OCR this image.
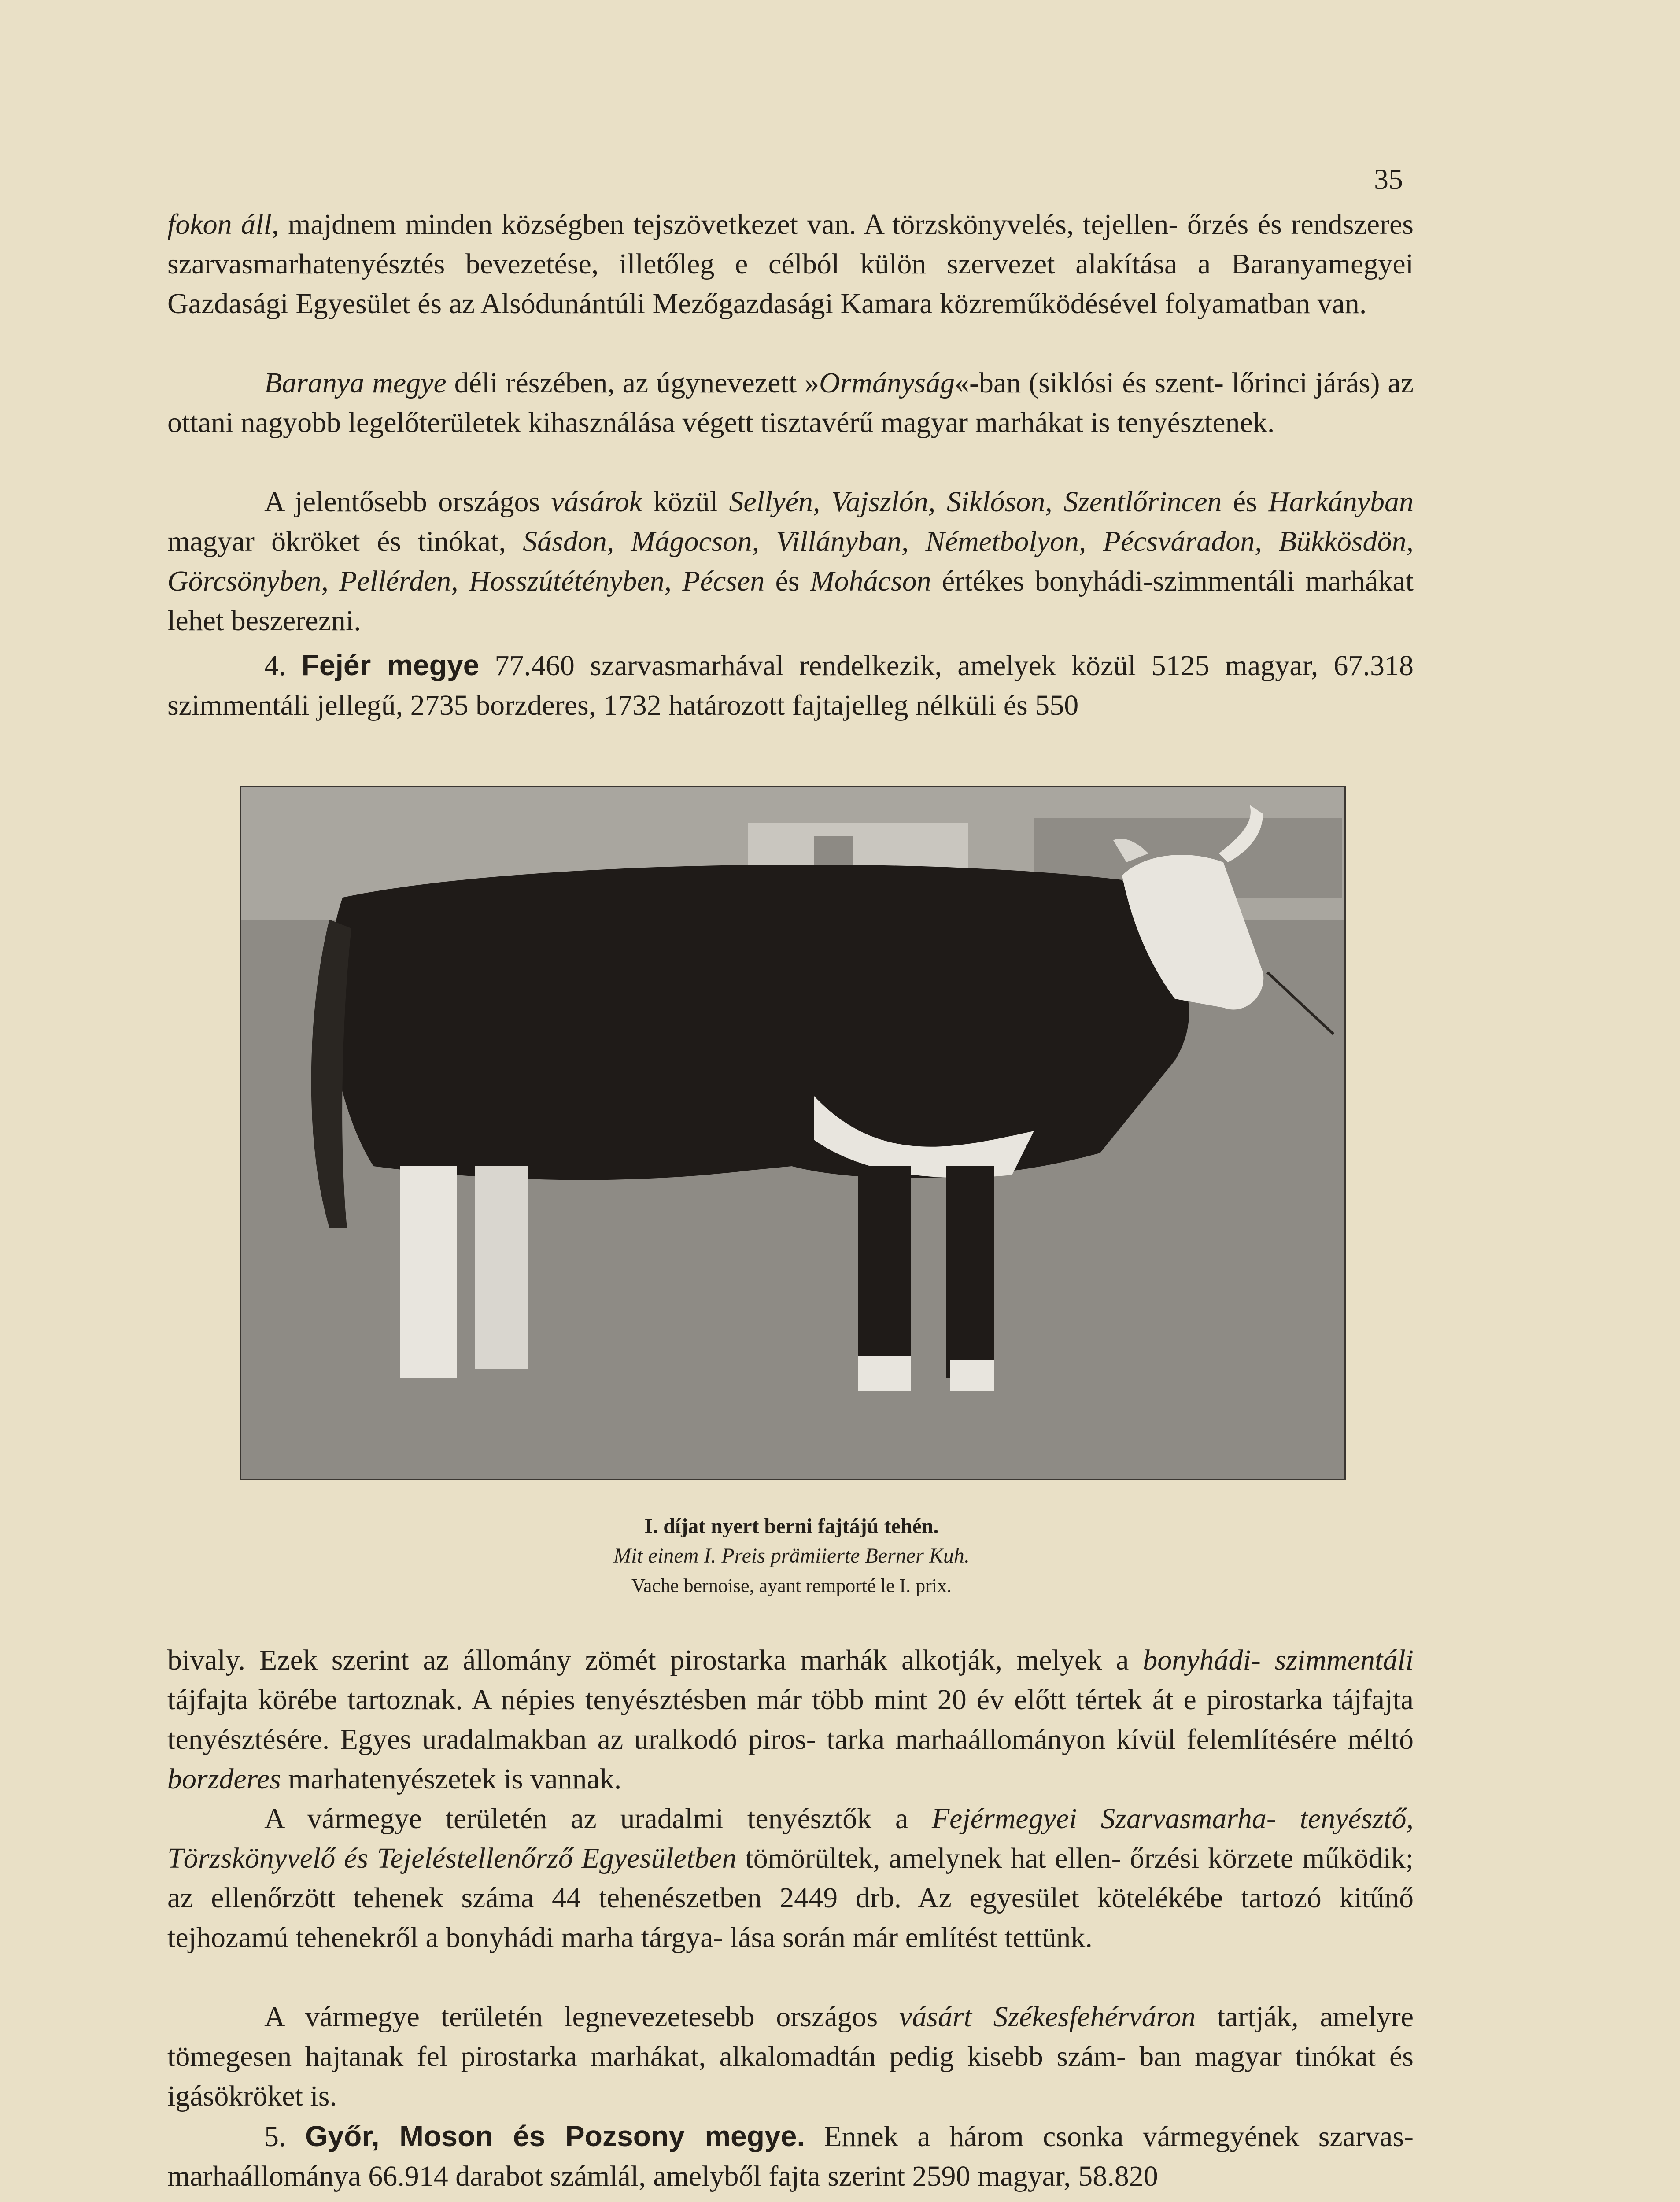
35

fokon áll, majdnem minden községben tejszövetkezet van. A törzskönyvelés, tejellen- őrzés és rendszeres szarvasmarhatenyésztés bevezetése, illetőleg e célból külön szervezet alakítása a Baranyamegyei Gazdasági Egyesület és az Alsódunántúli Mezőgazdasági Kamara közreműködésével folyamatban van.

Baranya megye déli részében, az úgynevezett »Ormányság«-ban (siklósi és szent- lőrinci járás) az ottani nagyobb legelőterületek kihasználása végett tisztavérű magyar marhákat is tenyésztenek.

A jelentősebb országos vásárok közül Sellyén, Vajszlón, Siklóson, Szentlőrincen és Harkányban magyar ökröket és tinókat, Sásdon, Mágocson, Villányban, Németbolyon, Pécsváradon, Bükkösdön, Görcsönyben, Pellérden, Hosszútétényben, Pécsen és Mohácson értékes bonyhádi-szimmentáli marhákat lehet beszerezni.

4. Fejér megye 77.460 szarvasmarhával rendelkezik, amelyek közül 5125 magyar, 67.318 szimmentáli jellegű, 2735 borzderes, 1732 határozott fajtajelleg nélküli és 550

I. díjat nyert berni fajtájú tehén.
Mit einem I. Preis prämiierte Berner Kuh.
Vache bernoise, ayant remporté le I. prix.

bivaly. Ezek szerint az állomány zömét pirostarka marhák alkotják, melyek a bonyhádi- szimmentáli tájfajta körébe tartoznak. A népies tenyésztésben már több mint 20 év előtt tértek át e pirostarka tájfajta tenyésztésére. Egyes uradalmakban az uralkodó piros- tarka marhaállományon kívül felemlítésére méltó borzderes marhatenyészetek is vannak.

A vármegye területén az uradalmi tenyésztők a Fejérmegyei Szarvasmarha- tenyésztő, Törzskönyvelő és Tejeléstellenőrző Egyesületben tömörültek, amelynek hat ellen- őrzési körzete működik; az ellenőrzött tehenek száma 44 tehenészetben 2449 drb. Az egyesület kötelékébe tartozó kitűnő tejhozamú tehenekről a bonyhádi marha tárgya- lása során már említést tettünk.

A vármegye területén legnevezetesebb országos vásárt Székesfehérváron tartják, amelyre tömegesen hajtanak fel pirostarka marhákat, alkalomadtán pedig kisebb szám- ban magyar tinókat és igásökröket is.

5. Győr, Moson és Pozsony megye. Ennek a három csonka vármegyének szarvas- marhaállománya 66.914 darabot számlál, amelyből fajta szerint 2590 magyar, 58.820
